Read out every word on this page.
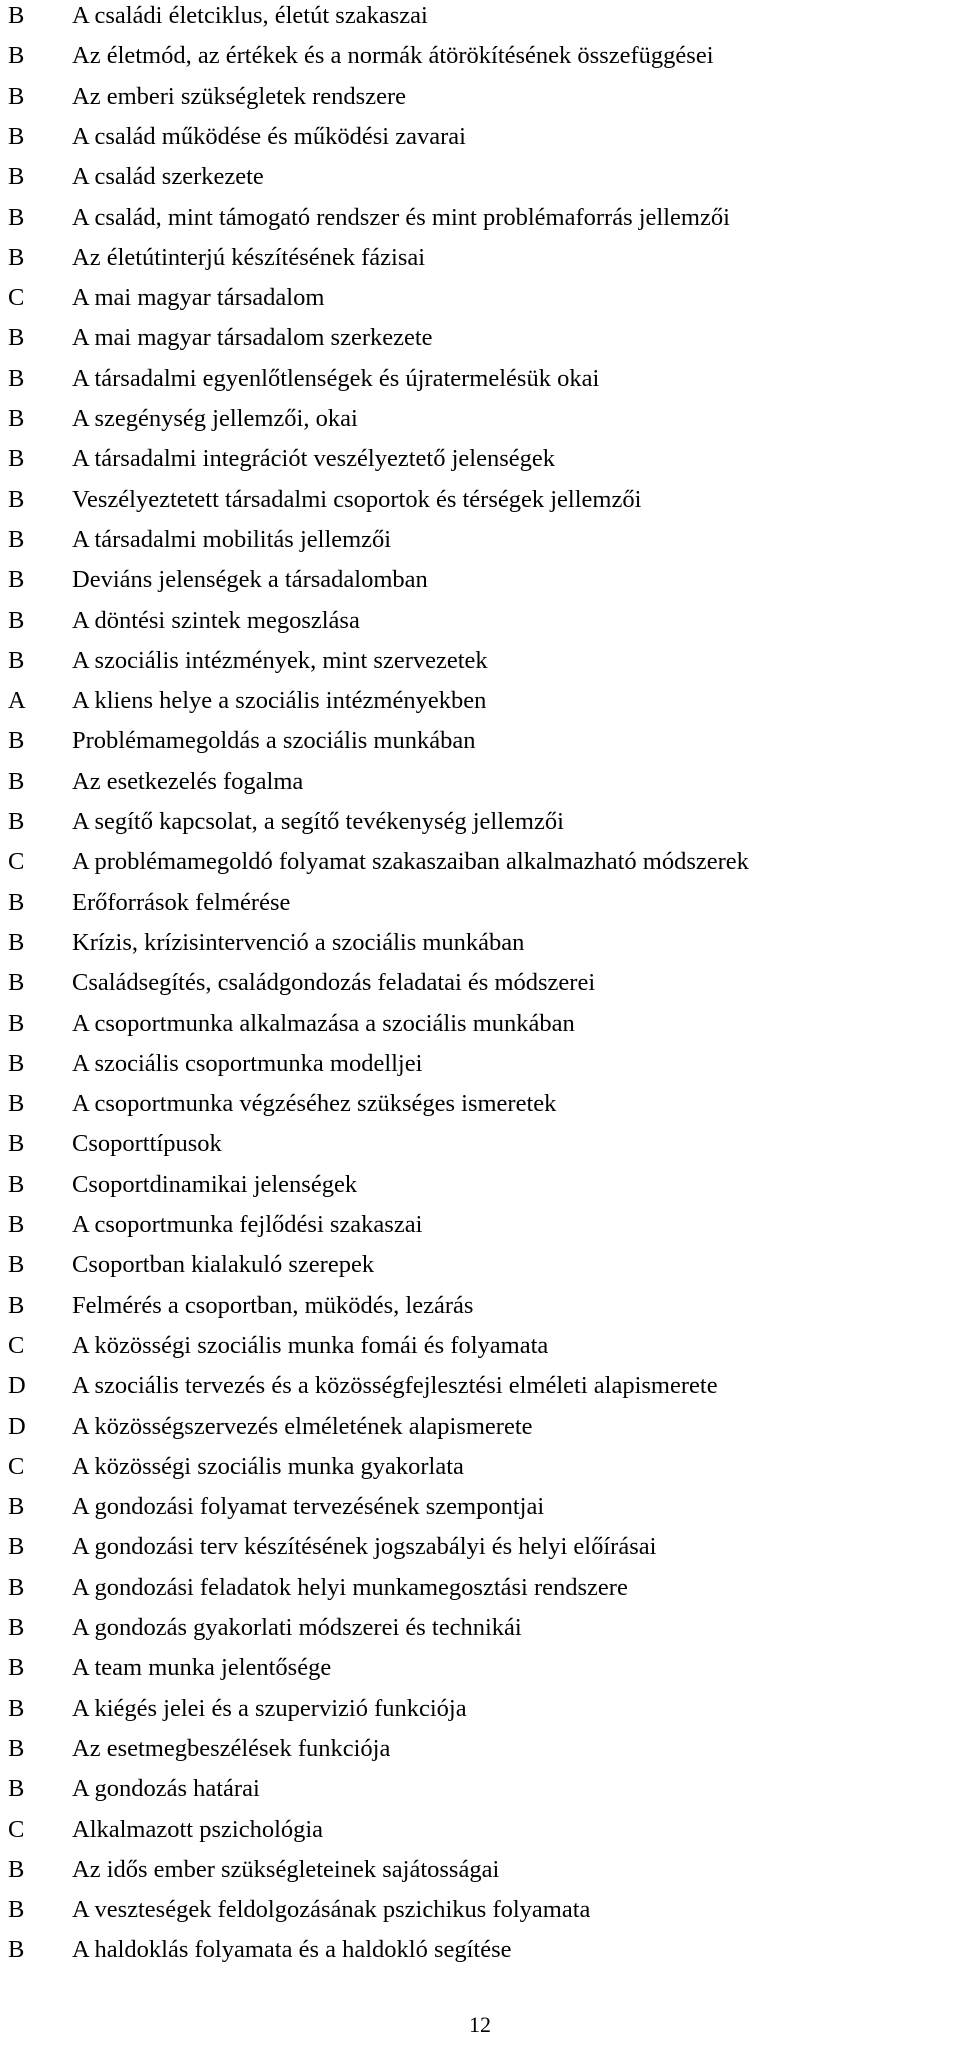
B	A családi életciklus, életút szakaszai
B	Az életmód, az értékek és a normák átörökítésének összefüggései
B	Az emberi szükségletek rendszere
B	A család működése és működési zavarai
B	A család szerkezete
B	A család, mint támogató rendszer és mint problémaforrás jellemzői
B	Az életútinterjú készítésének fázisai
C	A mai magyar társadalom
B	A mai magyar társadalom szerkezete
B	A társadalmi egyenlőtlenségek és újratermelésük okai
B	A szegénység jellemzői, okai
B	A társadalmi integrációt veszélyeztető jelenségek
B	Veszélyeztetett társadalmi csoportok és térségek jellemzői
B	A társadalmi mobilitás jellemzői
B	Deviáns jelenségek a társadalomban
B	A döntési szintek megoszlása
B	A szociális intézmények, mint szervezetek
A	A kliens helye a szociális intézményekben
B	Problémamegoldás a szociális munkában
B	Az esetkezelés fogalma
B	A segítő kapcsolat, a segítő tevékenység jellemzői
C	A problémamegoldó folyamat szakaszaiban alkalmazható módszerek
B	Erőforrások felmérése
B	Krízis, krízisintervenció a szociális munkában
B	Családsegítés, családgondozás feladatai és módszerei
B	A csoportmunka alkalmazása a szociális munkában
B	A szociális csoportmunka modelljei
B	A csoportmunka végzéséhez szükséges ismeretek
B	Csoporttípusok
B	Csoportdinamikai jelenségek
B	A csoportmunka fejlődési szakaszai
B	Csoportban kialakuló szerepek
B	Felmérés a csoportban, müködés, lezárás
C	A közösségi szociális munka fomái és folyamata
D	A szociális tervezés és a közösségfejlesztési elméleti alapismerete
D	A közösségszervezés elméletének alapismerete
C	A közösségi szociális munka gyakorlata
B	A gondozási folyamat tervezésének szempontjai
B	A gondozási terv készítésének jogszabályi és helyi előírásai
B	A gondozási feladatok helyi munkamegosztási rendszere
B	A gondozás gyakorlati módszerei és technikái
B	A team munka jelentősége
B	A kiégés jelei és a szupervizió funkciója
B	Az esetmegbeszélések funkciója
B	A gondozás határai
C	Alkalmazott pszichológia
B	Az idős ember szükségleteinek sajátosságai
B	A veszteségek feldolgozásának pszichikus folyamata
B	A haldoklás folyamata és a haldokló segítése
12
